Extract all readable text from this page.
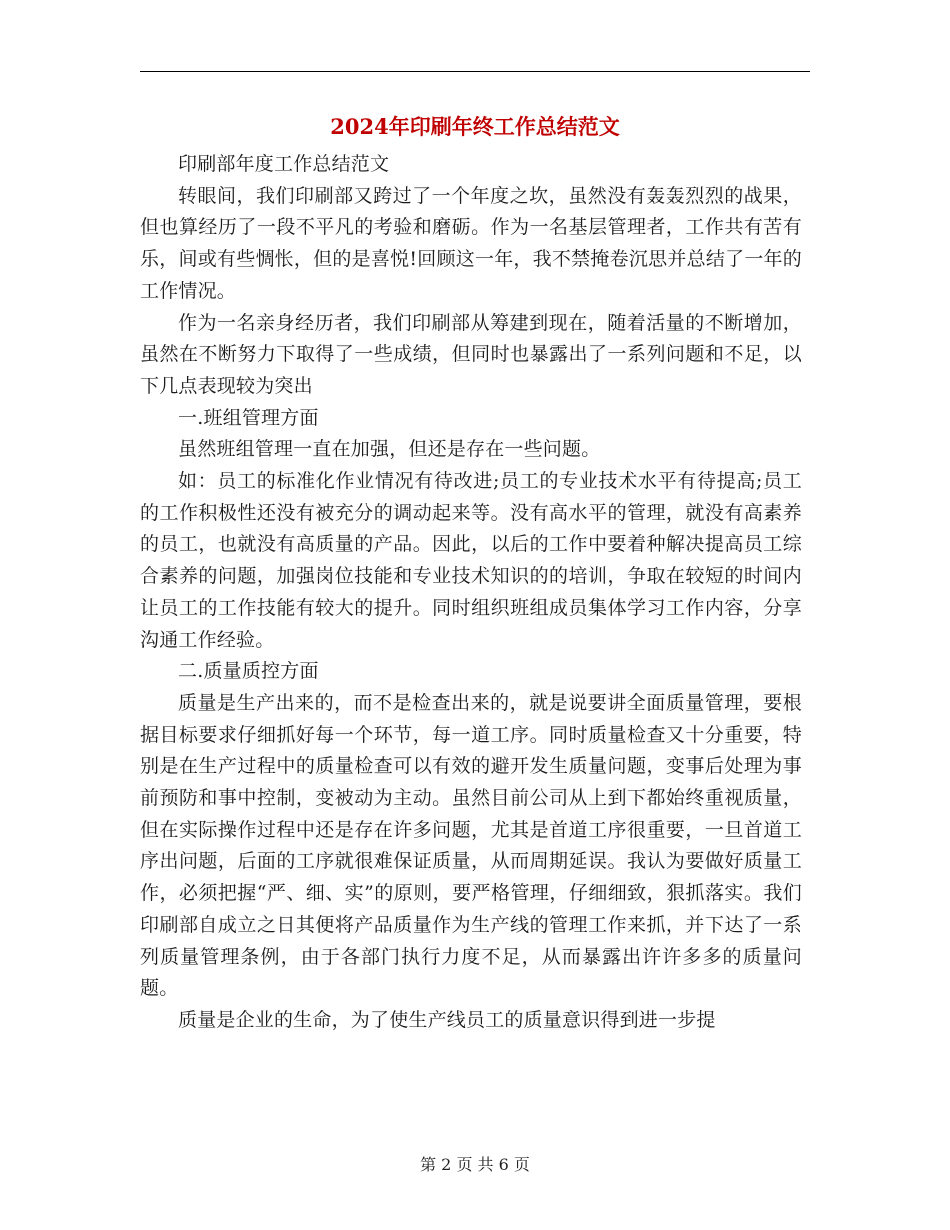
2024年印刷年终工作总结范文

印刷部年度工作总结范文

转眼间，我们印刷部又跨过了一个年度之坎，虽然没有轰轰烈烈的战果，但也算经历了一段不平凡的考验和磨砺。作为一名基层管理者，工作共有苦有乐，间或有些惆怅，但的是喜悦!回顾这一年，我不禁掩卷沉思并总结了一年的工作情况。

作为一名亲身经历者，我们印刷部从筹建到现在，随着活量的不断增加，虽然在不断努力下取得了一些成绩，但同时也暴露出了一系列问题和不足，以下几点表现较为突出

一.班组管理方面

虽然班组管理一直在加强，但还是存在一些问题。

如：员工的标准化作业情况有待改进;员工的专业技术水平有待提高;员工的工作积极性还没有被充分的调动起来等。没有高水平的管理，就没有高素养的员工，也就没有高质量的产品。因此，以后的工作中要着种解决提高员工综合素养的问题，加强岗位技能和专业技术知识的的培训，争取在较短的时间内让员工的工作技能有较大的提升。同时组织班组成员集体学习工作内容，分享沟通工作经验。

二.质量质控方面

质量是生产出来的，而不是检查出来的，就是说要讲全面质量管理，要根据目标要求仔细抓好每一个环节，每一道工序。同时质量检查又十分重要，特别是在生产过程中的质量检查可以有效的避开发生质量问题，变事后处理为事前预防和事中控制，变被动为主动。虽然目前公司从上到下都始终重视质量，但在实际操作过程中还是存在许多问题，尤其是首道工序很重要，一旦首道工序出问题，后面的工序就很难保证质量，从而周期延误。我认为要做好质量工作，必须把握“严、细、实”的原则，要严格管理，仔细细致，狠抓落实。我们印刷部自成立之日其便将产品质量作为生产线的管理工作来抓，并下达了一系列质量管理条例，由于各部门执行力度不足，从而暴露出许许多多的质量问题。

质量是企业的生命，为了使生产线员工的质量意识得到进一步提

第 2 页 共 6 页
